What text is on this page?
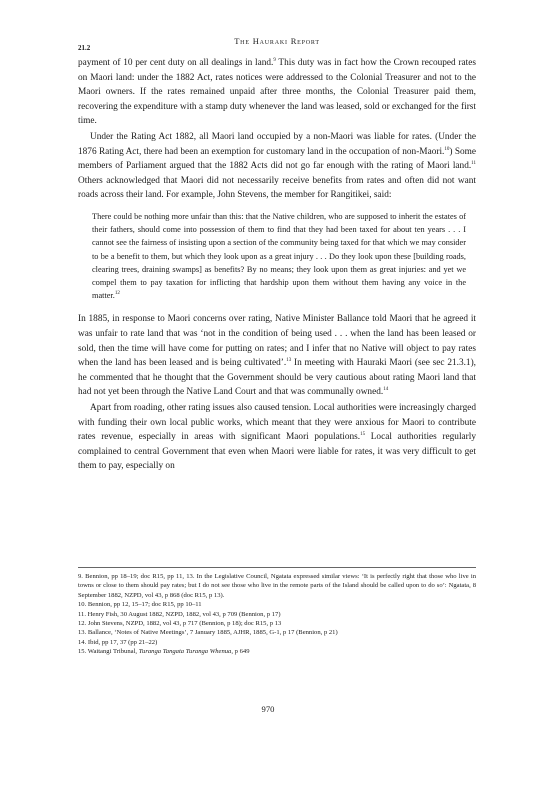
21.2
The Hauraki Report

payment of 10 per cent duty on all dealings in land.$^9$ This duty was in fact how the Crown recouped rates on Maori land: under the 1882 Act, rates notices were addressed to the Colonial Treasurer and not to the Maori owners. If the rates remained unpaid after three months, the Colonial Treasurer paid them, recovering the expenditure with a stamp duty whenever the land was leased, sold or exchanged for the first time.

Under the Rating Act 1882, all Maori land occupied by a non-Maori was liable for rates. (Under the 1876 Rating Act, there had been an exemption for customary land in the occupation of non-Maori.$^{10}$) Some members of Parliament argued that the 1882 Acts did not go far enough with the rating of Maori land.$^{11}$ Others acknowledged that Maori did not necessarily receive benefits from rates and often did not want roads across their land. For example, John Stevens, the member for Rangitikei, said:

There could be nothing more unfair than this: that the Native children, who are supposed to inherit the estates of their fathers, should come into possession of them to find that they had been taxed for about ten years . . . I cannot see the fairness of insisting upon a section of the community being taxed for that which we may consider to be a benefit to them, but which they look upon as a great injury . . . Do they look upon these [building roads, clearing trees, draining swamps] as benefits? By no means; they look upon them as great injuries: and yet we compel them to pay taxation for inflicting that hardship upon them without them having any voice in the matter.$^{12}$

In 1885, in response to Maori concerns over rating, Native Minister Ballance told Maori that he agreed it was unfair to rate land that was ‘not in the condition of being used . . . when the land has been leased or sold, then the time will have come for putting on rates; and I infer that no Native will object to pay rates when the land has been leased and is being cultivated’.$^{13}$ In meeting with Hauraki Maori (see sec 21.3.1), he commented that he thought that the Government should be very cautious about rating Maori land that had not yet been through the Native Land Court and that was communally owned.$^{14}$

Apart from roading, other rating issues also caused tension. Local authorities were increasingly charged with funding their own local public works, which meant that they were anxious for Maori to contribute rates revenue, especially in areas with significant Maori populations.$^{15}$ Local authorities regularly complained to central Government that even when Maori were liable for rates, it was very difficult to get them to pay, especially on

9. Bennion, pp 18–19; doc R15, pp 11, 13. In the Legislative Council, Ngatata expressed similar views: ‘It is perfectly right that those who live in towns or close to them should pay rates; but I do not see those who live in the remote parts of the Island should be called upon to do so’: Ngatata, 8 September 1882, NZPD, vol 43, p 868 (doc R15, p 13).
10. Bennion, pp 12, 15–17; doc R15, pp 10–11
11. Henry Fish, 30 August 1882, NZPD, 1882, vol 43, p 709 (Bennion, p 17)
12. John Stevens, NZPD, 1882, vol 43, p 717 (Bennion, p 18); doc R15, p 13
13. Ballance, ‘Notes of Native Meetings’, 7 January 1885, AJHR, 1885, G-1, p 17 (Bennion, p 21)
14. Ibid, pp 17, 37 (pp 21–22)
15. Waitangi Tribunal, Turanga Tangata Turanga Whenua, p 649
970
